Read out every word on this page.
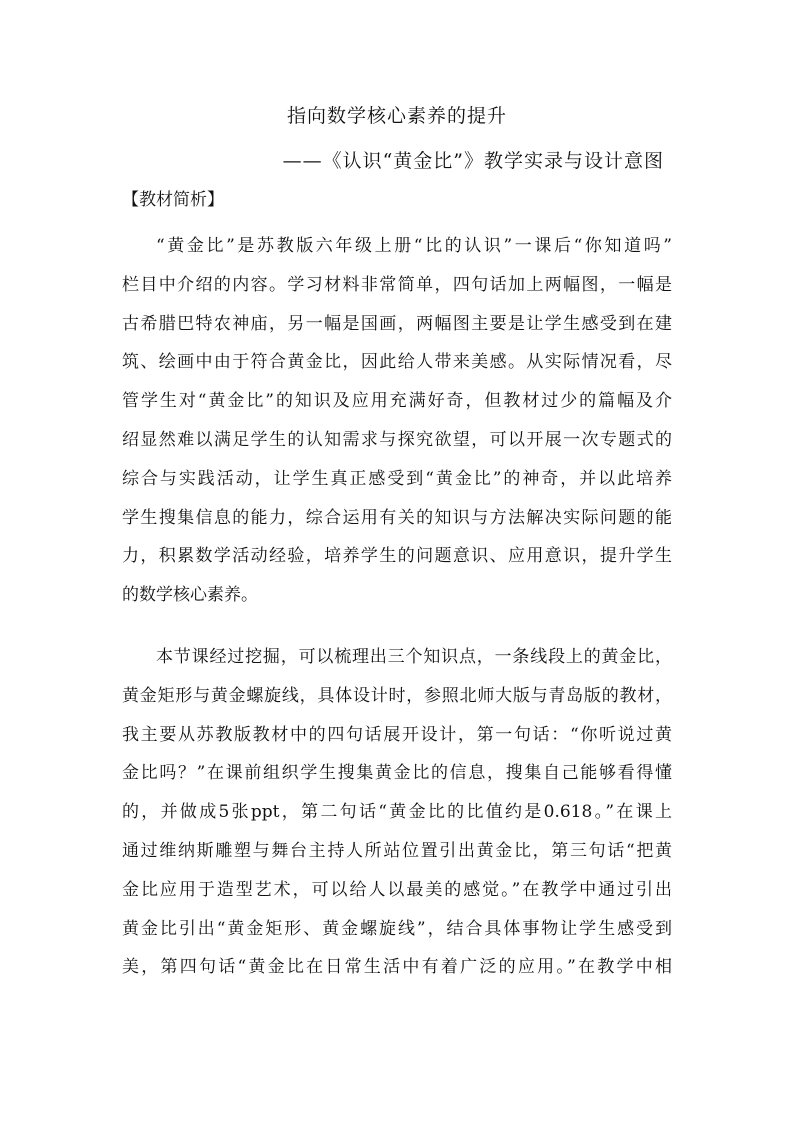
指向数学核心素养的提升
——《认识“黄金比”》教学实录与设计意图
【教材简析】
“黄金比”是苏教版六年级上册“比的认识”一课后“你知道吗”
栏目中介绍的内容。学习材料非常简单，四句话加上两幅图，一幅是
古希腊巴特农神庙，另一幅是国画，两幅图主要是让学生感受到在建
筑、绘画中由于符合黄金比，因此给人带来美感。从实际情况看，尽
管学生对“黄金比”的知识及应用充满好奇，但教材过少的篇幅及介
绍显然难以满足学生的认知需求与探究欲望，可以开展一次专题式的
综合与实践活动，让学生真正感受到“黄金比”的神奇，并以此培养
学生搜集信息的能力，综合运用有关的知识与方法解决实际问题的能
力，积累数学活动经验，培养学生的问题意识、应用意识，提升学生
的数学核心素养。
本节课经过挖掘，可以梳理出三个知识点，一条线段上的黄金比，
黄金矩形与黄金螺旋线，具体设计时，参照北师大版与青岛版的教材，
我主要从苏教版教材中的四句话展开设计，第一句话：“你听说过黄
金比吗？”在课前组织学生搜集黄金比的信息，搜集自己能够看得懂
的，并做成5张ppt，第二句话“黄金比的比值约是0.618。”在课上
通过维纳斯雕塑与舞台主持人所站位置引出黄金比，第三句话“把黄
金比应用于造型艺术，可以给人以最美的感觉。”在教学中通过引出
黄金比引出“黄金矩形、黄金螺旋线”，结合具体事物让学生感受到
美，第四句话“黄金比在日常生活中有着广泛的应用。”在教学中相
